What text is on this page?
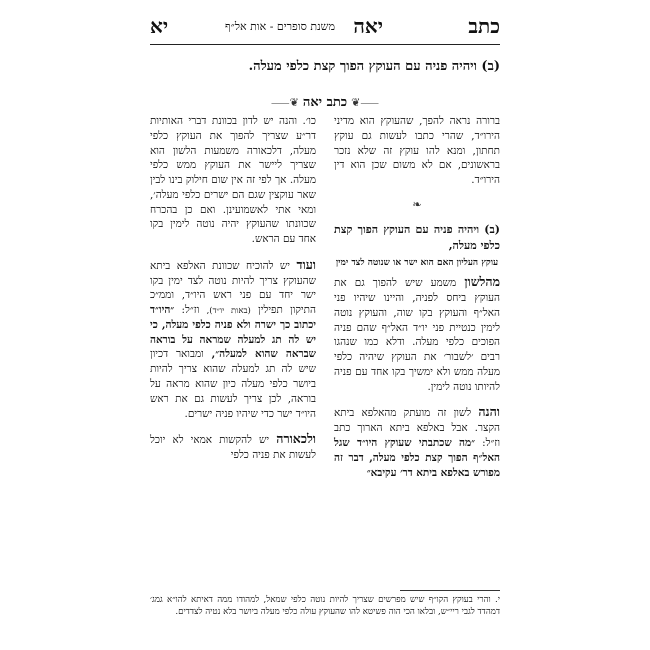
כתב
יאה
משנת סופרים - אות אל״ף
יא
(ב) ויהיה פניה עם העוקץ הפוך קצת כלפי מעלה.
⸺❦כתב יאה❦⸺

ברורה נראה להפך, שהעוקץ הוא מדיני הירו״ד, שהרי כתבו לעשות גם עוקץ תחתון, ומנא להו עוקץ זה שלא נזכר בראשונים, אם לא משום שכן הוא דין הירו״ד.

❧
(ב) ויהיה פניה עם העוקץ הפוך קצת כלפי מעלה,
עוקץ העליון האם הוא ישר או שנוטה לצד ימין

מהלשון משמע שיש להפוך גם את העוקץ ביחס לפניה, והיינו שיהיו פני האל״ף והעוקץ בקו שוה, והעוקץ נוטה לימין כנטיית פני יו״ד האל״ף שהם פניה הפוכים כלפי מעלה. ודלא כמו שנהגו רבים ׳לשבור׳ את העוקץ שיהיה כלפי מעלה ממש ולא ימשיך בקו אחד עם פניה להיותו נוטה לימין.

והנה לשון זה מועתק מהאלפא ביתא הקצר. אבל באלפא ביתא הארוך כתב וז״ל: ״מה שכתבתי שעוקץ היו״ד שגל האל״ף הפוך קצת כלפי מעלה, דבר זה מפורש באלפא ביתא דר׳ עקיבא״

כו׳. והנה יש לדון בכוונת דברי האותיות דר״ע שצריך להפוך את העוקץ כלפי מעלה, דלכאורה משמעות הלשון הוא שצריך ליישר את העוקץ ממש כלפי מעלה. אך לפי זה אין שום חילוק בינו לבין שאר עוקצין שגם הם ישרים כלפי מעלה׳, ומאי אתי לאשמועינן. ואם כן בהכרח שכוונתו שהעוקץ יהיה נוטה לימין בקו אחד עם הראש.

ועוד יש להוכיח שכוונת האלפא ביתא שהעוקץ צריך להיות נוטה לצד ימין בקו ישר יחד עם פני ראש היו״ד, וממ״כ התיקון תפילין (באות יו״ד), וז״ל: ״היו״ד יכתוב כך ישרה ולא פניה כלפי מעלה, כי יש לה תג למעלה שמראה על בוראה שבראה שהוא למעלה״, ומבואר דכיון שיש לה תג למעלה שהוא צריך להיות ביושר כלפי מעלה כיון שהוא מראה על בוראה, לכן צריך לעשות גם את ראש היו״ד ישר כדי שיהיו פניה ישרים.

ולכאורה יש להקשות אמאי לא יוכל לעשות את פניה כלפי

י. והרי בעוקץ הקו״ף שיש מפרשים שצריך להיות נוטה כלפי שמאל, למהודו ממה דאיתא להו״א גמג׳ דמהדד לגבי ריי״ש, ובלאו הכי הוה פשיטא להו שהעוקץ עולה כלפי מעלה ביושר בלא נטיה לצדדים.
